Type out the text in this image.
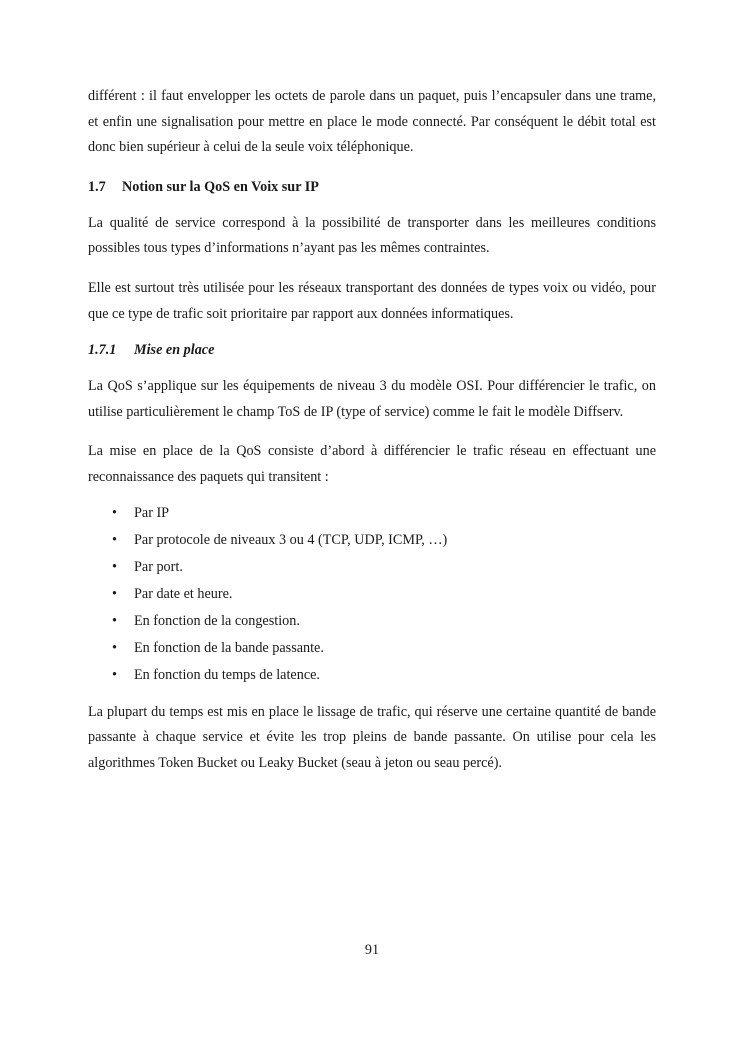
différent : il faut envelopper les octets de parole dans un paquet, puis l’encapsuler dans une trame, et enfin une signalisation pour mettre en place le mode connecté. Par conséquent le débit total est donc bien supérieur à celui de la seule voix téléphonique.

1.7	Notion sur la QoS en Voix sur IP

La qualité de service correspond à la possibilité de transporter dans les meilleures conditions possibles tous types d’informations n’ayant pas les mêmes contraintes.

Elle est surtout très utilisée pour les réseaux transportant des données de types voix ou vidéo, pour que ce type de trafic soit prioritaire par rapport aux données informatiques.

1.7.1	Mise en place

La QoS s’applique sur les équipements de niveau 3 du modèle OSI. Pour différencier le trafic, on utilise particulièrement le champ ToS de IP (type of service) comme le fait le modèle Diffserv.

La mise en place de la QoS consiste d’abord à différencier le trafic réseau en effectuant une reconnaissance des paquets qui transitent :

• Par IP
• Par protocole de niveaux 3 ou 4 (TCP, UDP, ICMP, …)
• Par port.
• Par date et heure.
• En fonction de la congestion.
• En fonction de la bande passante.
• En fonction du temps de latence.

La plupart du temps est mis en place le lissage de trafic, qui réserve une certaine quantité de bande passante à chaque service et évite les trop pleins de bande passante. On utilise pour cela les algorithmes Token Bucket ou Leaky Bucket (seau à jeton ou seau percé).

91
